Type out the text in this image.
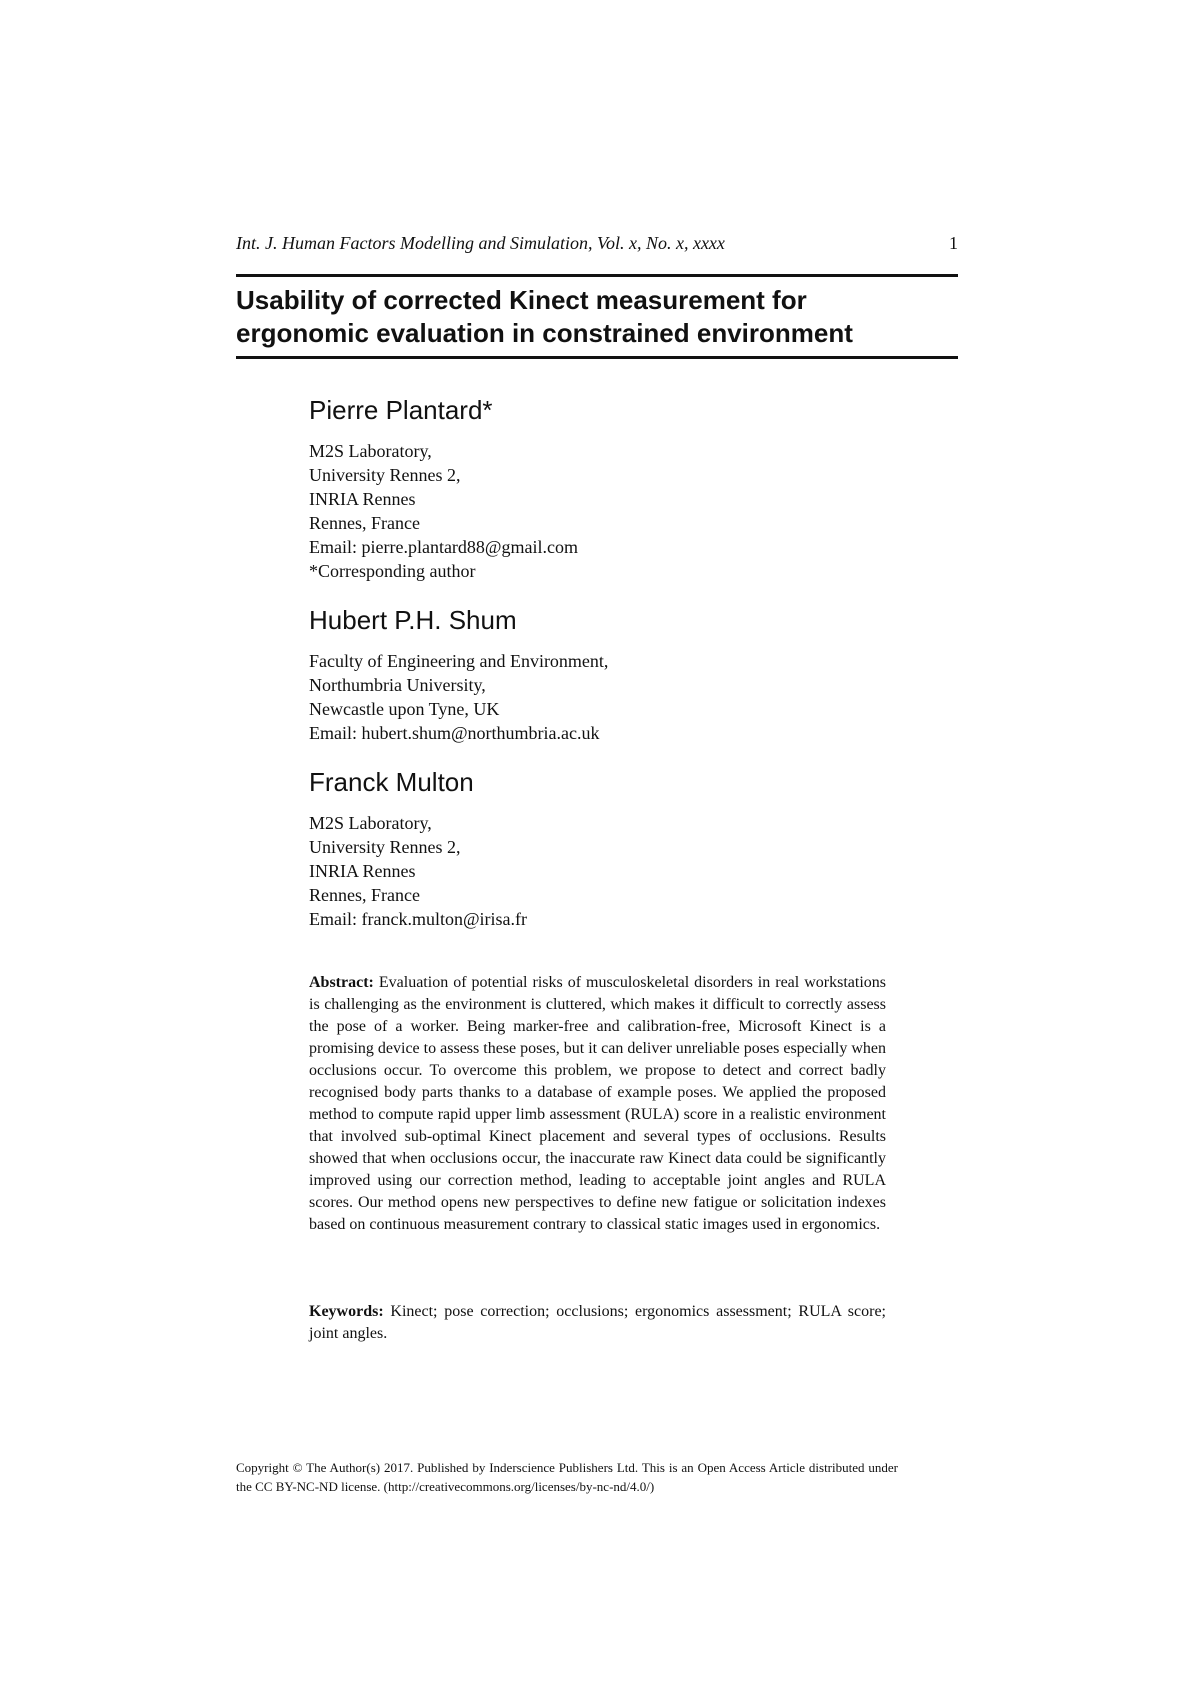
Int. J. Human Factors Modelling and Simulation, Vol. x, No. x, xxxx	1
Usability of corrected Kinect measurement for
ergonomic evaluation in constrained environment
Pierre Plantard*
M2S Laboratory,
University Rennes 2,
INRIA Rennes
Rennes, France
Email: pierre.plantard88@gmail.com
*Corresponding author
Hubert P.H. Shum
Faculty of Engineering and Environment,
Northumbria University,
Newcastle upon Tyne, UK
Email: hubert.shum@northumbria.ac.uk
Franck Multon
M2S Laboratory,
University Rennes 2,
INRIA Rennes
Rennes, France
Email: franck.multon@irisa.fr
Abstract: Evaluation of potential risks of musculoskeletal disorders in real workstations is challenging as the environment is cluttered, which makes it difficult to correctly assess the pose of a worker. Being marker-free and calibration-free, Microsoft Kinect is a promising device to assess these poses, but it can deliver unreliable poses especially when occlusions occur. To overcome this problem, we propose to detect and correct badly recognised body parts thanks to a database of example poses. We applied the proposed method to compute rapid upper limb assessment (RULA) score in a realistic environment that involved sub-optimal Kinect placement and several types of occlusions. Results showed that when occlusions occur, the inaccurate raw Kinect data could be significantly improved using our correction method, leading to acceptable joint angles and RULA scores. Our method opens new perspectives to define new fatigue or solicitation indexes based on continuous measurement contrary to classical static images used in ergonomics.
Keywords: Kinect; pose correction; occlusions; ergonomics assessment; RULA score; joint angles.
Copyright © The Author(s) 2017. Published by Inderscience Publishers Ltd. This is an Open Access Article distributed under the CC BY-NC-ND license. (http://creativecommons.org/licenses/by-nc-nd/4.0/)
